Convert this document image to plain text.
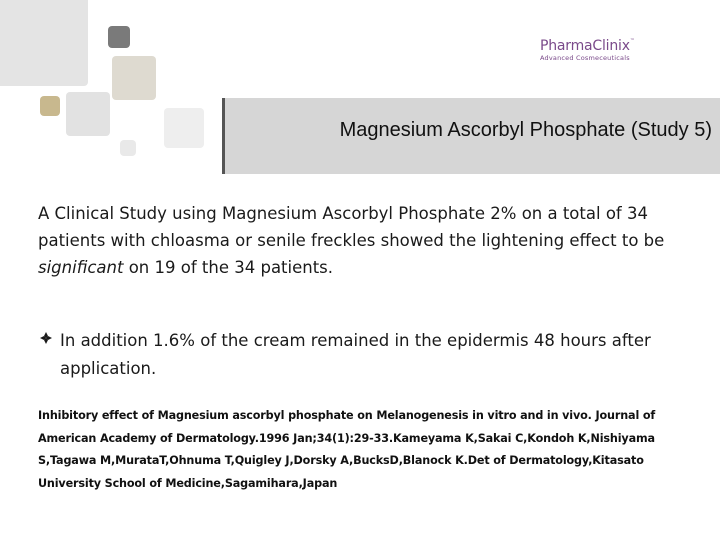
PharmaClinix™
Advanced Cosmeceuticals
Magnesium Ascorbyl Phosphate (Study 5)

A Clinical Study using Magnesium Ascorbyl Phosphate 2% on a total of 34 patients with chloasma or senile freckles showed the lightening effect to be significant on 19 of the 34 patients.

In addition 1.6% of the cream remained in the epidermis 48 hours after application.
Inhibitory effect of Magnesium ascorbyl phosphate on Melanogenesis in vitro and in vivo. Journal of American Academy of Dermatology.1996 Jan;34(1):29-33.Kameyama K,Sakai C,Kondoh K,Nishiyama S,Tagawa M,MurataT,Ohnuma T,Quigley J,Dorsky A,BucksD,Blanock K.Det of Dermatology,Kitasato University School of Medicine,Sagamihara,Japan
